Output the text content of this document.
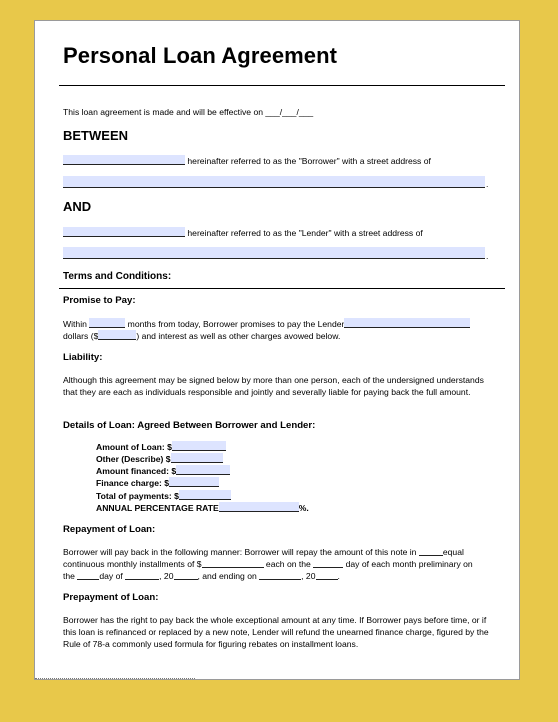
Personal Loan Agreement
This loan agreement is made and will be effective on ___/___/___
BETWEEN
hereinafter referred to as the "Borrower" with a street address of
.
AND
hereinafter referred to as the "Lender" with a street address of
.
Terms and Conditions:
Promise to Pay:
Within	months from today, Borrower promises to pay the Lender
dollars ($	) and interest as well as other charges avowed below.
Liability:
Although this agreement may be signed below by more than one person, each of the undersigned understands that they are each as individuals responsible and jointly and severally liable for paying back the full amount.
Details of Loan: Agreed Between Borrower and Lender:
Amount of Loan: $
Other (Describe) $
Amount financed: $
Finance charge: $
Total of payments: $
ANNUAL PERCENTAGE RATE	%.
Repayment of Loan:
Borrower will pay back in the following manner: Borrower will repay the amount of this note in	equal
continuous monthly installments of $	each on the	day of each month preliminary on
the	day of	, 20	, and ending on	, 20	.
Prepayment of Loan:
Borrower has the right to pay back the whole exceptional amount at any time. If Borrower pays before time, or if this loan is refinanced or replaced by a new note, Lender will refund the unearned finance charge, figured by the Rule of 78-a commonly used formula for figuring rebates on installment loans.
